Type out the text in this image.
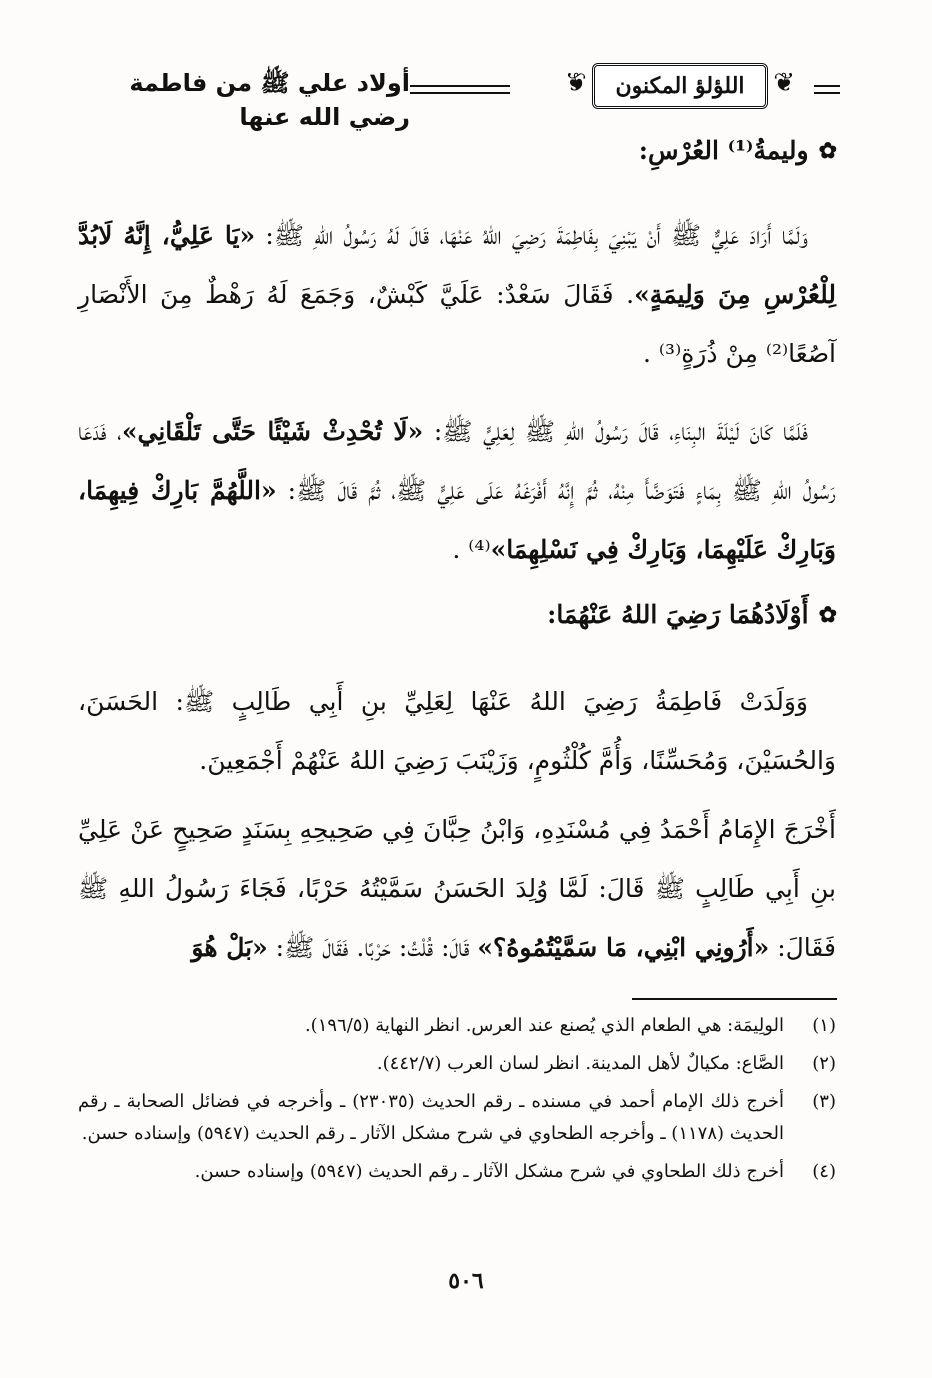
❦ اللؤلؤ المكنون
❦
أولاد علي ﷺ من فاطمة رضي الله عنها
✿
وليمةُ⁽¹⁾ العُرْسِ:
وَلَمَّا أَرَادَ عَلِيٌّ ﷺ أَنْ يَبْنِيَ بِفَاطِمَةَ رَضِيَ اللهُ عَنْهَا، قَالَ لَهُ رَسُولُ اللهِ ﷺ: «يَا عَلِيُّ، إِنَّهُ لَابُدَّ لِلْعُرْسِ مِنَ وَلِيمَةٍ». فَقَالَ سَعْدٌ: عَلَيَّ كَبْشٌ، وَجَمَعَ لَهُ رَهْطٌ مِنَ الأَنْصَارِ آصُعًا⁽²⁾ مِنْ ذُرَةٍ⁽³⁾ .
فَلَمَّا كَانَ لَيْلَةَ البِنَاءِ، قَالَ رَسُولُ اللهِ ﷺ لِعَلِيٍّ ﷺ: «لَا تُحْدِثْ شَيْئًا حَتَّى تَلْقَانِي»، فَدَعَا رَسُولُ اللهِ ﷺ بِمَاءٍ فَتَوَضَّأَ مِنْهُ، ثُمَّ إِنَّهُ أَفْرَغَهُ عَلَى عَلِيٍّ ﷺ، ثُمَّ قَالَ ﷺ: «اللَّهُمَّ بَارِكْ فِيهِمَا، وَبَارِكْ عَلَيْهِمَا، وَبَارِكْ فِي نَسْلِهِمَا»⁽⁴⁾ .
✿
أَوْلَادُهُمَا رَضِيَ اللهُ عَنْهُمَا:
وَوَلَدَتْ فَاطِمَةُ رَضِيَ اللهُ عَنْهَا لِعَلِيِّ بنِ أَبِي طَالِبٍ ﷺ: الحَسَنَ، وَالحُسَيْنَ، وَمُحَسِّنًا، وَأُمَّ كُلْثُومٍ، وَزَيْنَبَ رَضِيَ اللهُ عَنْهُمْ أَجْمَعِينَ.
أَخْرَجَ الإِمَامُ أَحْمَدُ فِي مُسْنَدِهِ، وَابْنُ حِبَّانَ فِي صَحِيحِهِ بِسَنَدٍ صَحِيحٍ عَنْ عَلِيِّ بنِ أَبِي طَالِبٍ ﷺ قَالَ: لَمَّا وُلِدَ الحَسَنُ سَمَّيْتُهُ حَرْبًا، فَجَاءَ رَسُولُ اللهِ ﷺ فَقَالَ: «أَرُونِي ابْنِي، مَا سَمَّيْتُمُوهُ؟» قَالَ: قُلْتُ: حَرْبًا. فَقَالَ ﷺ: «بَلْ هُوَ
(١)
الولِيمَة: هي الطعام الذي يُصنع عند العرس. انظر النهاية (١٩٦/٥).
(٢)
الصَّاع: مكيالٌ لأهل المدينة. انظر لسان العرب (٤٤٢/٧).
(٣)
أخرج ذلك الإمام أحمد في مسنده ـ رقم الحديث (٢٣٠٣٥) ـ وأخرجه في فضائل الصحابة ـ رقم الحديث (١١٧٨) ـ وأخرجه الطحاوي في شرح مشكل الآثار ـ رقم الحديث (٥٩٤٧) وإسناده حسن.
(٤)
أخرج ذلك الطحاوي في شرح مشكل الآثار ـ رقم الحديث (٥٩٤٧) وإسناده حسن.
٥٠٦
